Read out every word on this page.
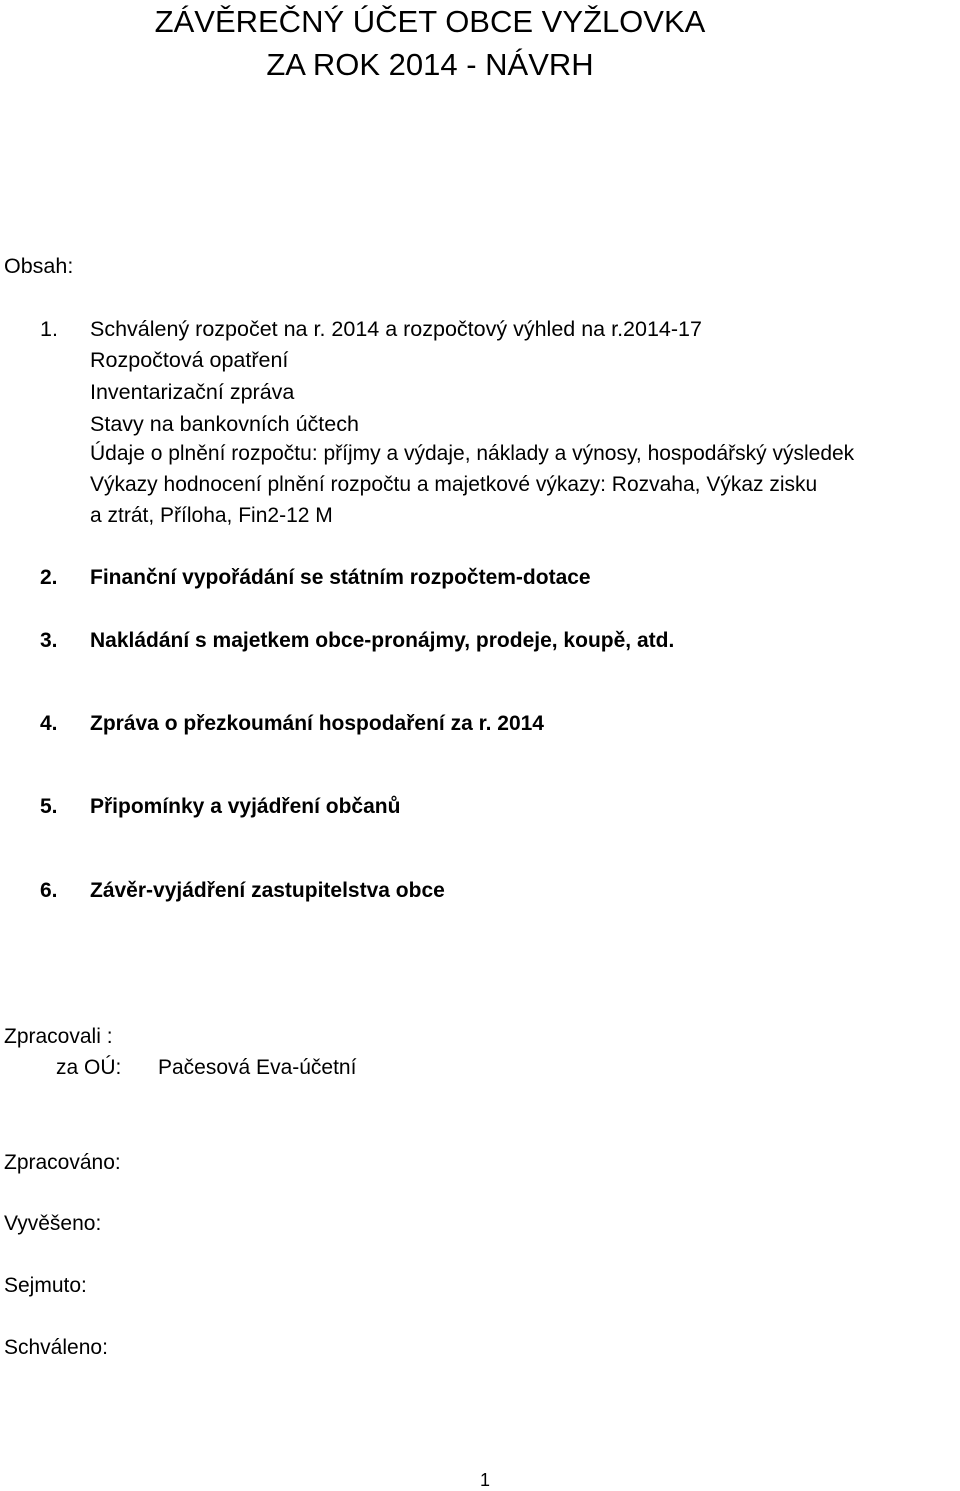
ZÁVĚREČNÝ ÚČET OBCE VYŽLOVKA
ZA ROK 2014 - NÁVRH
Obsah:
1. Schválený rozpočet na r. 2014 a rozpočtový výhled na r.2014-17
Rozpočtová opatření
Inventarizační zpráva
Stavy na bankovních účtech
Údaje o plnění rozpočtu: příjmy a výdaje, náklady a výnosy, hospodářský výsledek
Výkazy hodnocení plnění rozpočtu a majetkové výkazy: Rozvaha, Výkaz zisku
a ztrát, Příloha, Fin2-12 M
2. Finanční vypořádání se státním rozpočtem-dotace
3. Nakládání s majetkem obce-pronájmy, prodeje, koupě, atd.
4. Zpráva o přezkoumání hospodaření za r. 2014
5. Připomínky a vyjádření občanů
6. Závěr-vyjádření zastupitelstva obce
Zpracovali :
za OÚ: Pačesová Eva-účetní
Zpracováno:
Vyvěšeno:
Sejmuto:
Schváleno:
1
